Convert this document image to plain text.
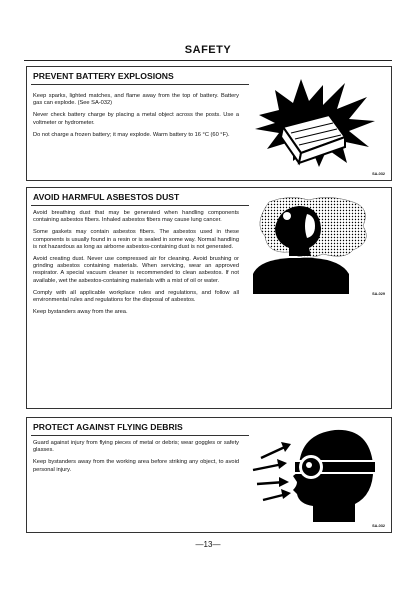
SAFETY
PREVENT BATTERY EXPLOSIONS

Keep sparks, lighted matches, and flame away from the top of battery. Battery gas can explode. (See SA-032)

Never check battery charge by placing a metal object across the posts. Use a voltmeter or hydrometer.

Do not charge a frozen battery; it may explode. Warm battery to 16 °C (60 °F).

SA-032
AVOID HARMFUL ASBESTOS DUST

Avoid breathing dust that may be generated when handling components containing asbestos fibers. Inhaled asbestos fibers may cause lung cancer.

Some gaskets may contain asbestos fibers. The asbestos used in these components is usually found in a resin or is sealed in some way. Normal handling is not hazardous as long as airborne asbestos-containing dust is not generated.

Avoid creating dust. Never use compressed air for cleaning. Avoid brushing or grinding asbestos containing materials. When servicing, wear an approved respirator. A special vacuum cleaner is recommended to clean asbestos. If not available, wet the asbestos-containing materials with a mist of oil or water.

Comply with all applicable workplace rules and regulations, and follow all environmental rules and regulations for the disposal of asbestos.

Keep bystanders away from the area.

SA-029
PROTECT AGAINST FLYING DEBRIS

Guard against injury from flying pieces of metal or debris; wear goggles or safety glasses.

Keep bystanders away from the working area before striking any object, to avoid personal injury.

SA-032
—13—
